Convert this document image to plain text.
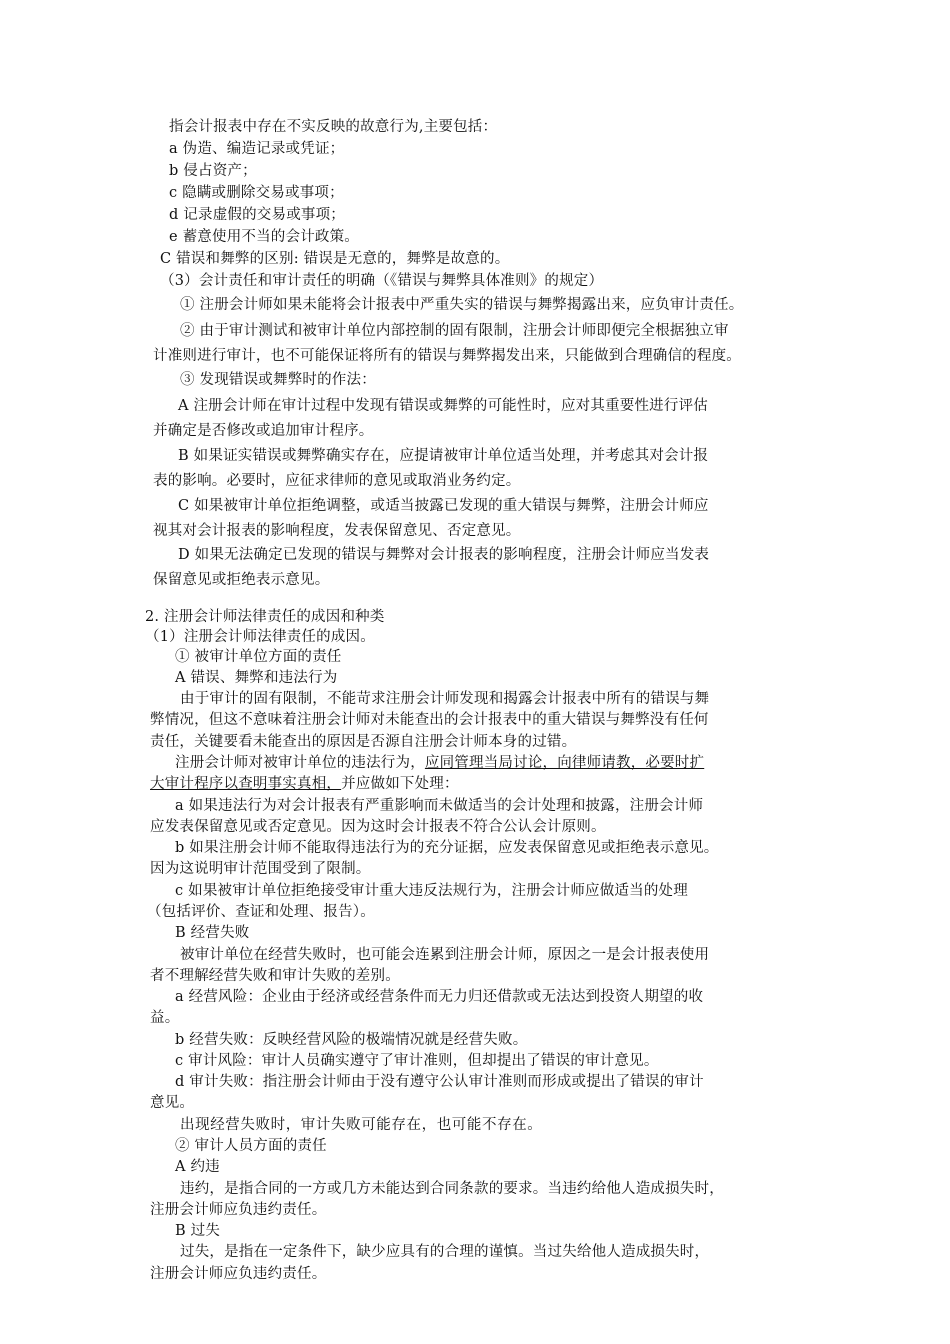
指会计报表中存在不实反映的故意行为,主要包括：
a 伪造、编造记录或凭证；
b 侵占资产；
c 隐瞒或删除交易或事项；
d 记录虚假的交易或事项；
e 蓄意使用不当的会计政策。
C 错误和舞弊的区别: 错误是无意的，舞弊是故意的。
（3）会计责任和审计责任的明确（《错误与舞弊具体准则》的规定）
① 注册会计师如果未能将会计报表中严重失实的错误与舞弊揭露出来，应负审计责任。
② 由于审计测试和被审计单位内部控制的固有限制，注册会计师即便完全根据独立审
计准则进行审计，也不可能保证将所有的错误与舞弊揭发出来，只能做到合理确信的程度。
③ 发现错误或舞弊时的作法：
A 注册会计师在审计过程中发现有错误或舞弊的可能性时，应对其重要性进行评估
并确定是否修改或追加审计程序。
B 如果证实错误或舞弊确实存在，应提请被审计单位适当处理，并考虑其对会计报
表的影响。必要时，应征求律师的意见或取消业务约定。
C 如果被审计单位拒绝调整，或适当披露已发现的重大错误与舞弊，注册会计师应
视其对会计报表的影响程度，发表保留意见、否定意见。
D 如果无法确定已发现的错误与舞弊对会计报表的影响程度，注册会计师应当发表
保留意见或拒绝表示意见。
2. 注册会计师法律责任的成因和种类
（1）注册会计师法律责任的成因。
① 被审计单位方面的责任
A 错误、舞弊和违法行为
由于审计的固有限制，不能苛求注册会计师发现和揭露会计报表中所有的错误与舞
弊情况，但这不意味着注册会计师对未能查出的会计报表中的重大错误与舞弊没有任何
责任，关键要看未能查出的原因是否源自注册会计师本身的过错。
注册会计师对被审计单位的违法行为，应同管理当局讨论，向律师请教，必要时扩
大审计程序以查明事实真相，并应做如下处理：
a 如果违法行为对会计报表有严重影响而未做适当的会计处理和披露，注册会计师
应发表保留意见或否定意见。因为这时会计报表不符合公认会计原则。
b 如果注册会计师不能取得违法行为的充分证据，应发表保留意见或拒绝表示意见。
因为这说明审计范围受到了限制。
c 如果被审计单位拒绝接受审计重大违反法规行为，注册会计师应做适当的处理
（包括评价、查证和处理、报告）。
B 经营失败
被审计单位在经营失败时，也可能会连累到注册会计师，原因之一是会计报表使用
者不理解经营失败和审计失败的差别。
a 经营风险：企业由于经济或经营条件而无力归还借款或无法达到投资人期望的收
益。
b 经营失败：反映经营风险的极端情况就是经营失败。
c 审计风险：审计人员确实遵守了审计准则，但却提出了错误的审计意见。
d 审计失败：指注册会计师由于没有遵守公认审计准则而形成或提出了错误的审计
意见。
出现经营失败时，审计失败可能存在，也可能不存在。
② 审计人员方面的责任
A 约违
违约，是指合同的一方或几方未能达到合同条款的要求。当违约给他人造成损失时，
注册会计师应负违约责任。
B 过失
过失，是指在一定条件下，缺少应具有的合理的谨慎。当过失给他人造成损失时，
注册会计师应负违约责任。
